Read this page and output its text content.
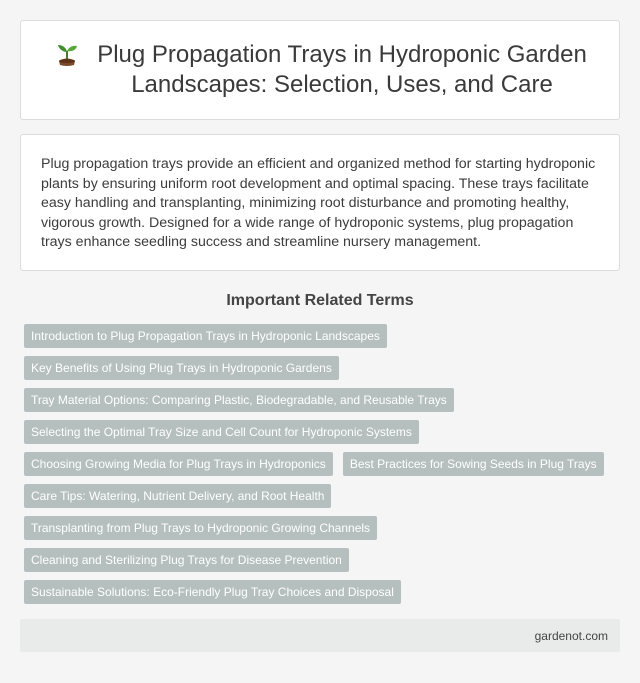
Plug Propagation Trays in Hydroponic Garden Landscapes: Selection, Uses, and Care

Plug propagation trays provide an efficient and organized method for starting hydroponic plants by ensuring uniform root development and optimal spacing. These trays facilitate easy handling and transplanting, minimizing root disturbance and promoting healthy, vigorous growth. Designed for a wide range of hydroponic systems, plug propagation trays enhance seedling success and streamline nursery management.

Important Related Terms
Introduction to Plug Propagation Trays in Hydroponic Landscapes
Key Benefits of Using Plug Trays in Hydroponic Gardens
Tray Material Options: Comparing Plastic, Biodegradable, and Reusable Trays
Selecting the Optimal Tray Size and Cell Count for Hydroponic Systems
Choosing Growing Media for Plug Trays in Hydroponics	Best Practices for Sowing Seeds in Plug Trays
Care Tips: Watering, Nutrient Delivery, and Root Health
Transplanting from Plug Trays to Hydroponic Growing Channels
Cleaning and Sterilizing Plug Trays for Disease Prevention
Sustainable Solutions: Eco-Friendly Plug Tray Choices and Disposal
gardenot.com
